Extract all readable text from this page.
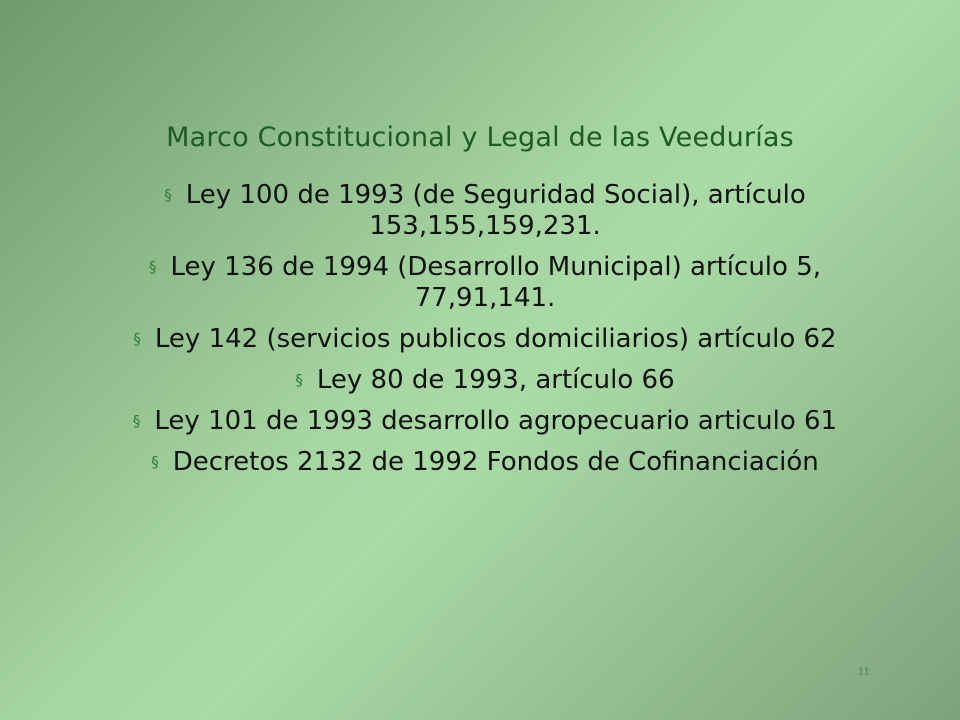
Marco Constitucional y Legal de las Veedurías
§ Ley 100 de 1993 (de Seguridad Social), artículo 153,155,159,231.
§ Ley 136 de 1994 (Desarrollo Municipal) artículo 5, 77,91,141.
§ Ley 142 (servicios publicos domiciliarios) artículo 62
§ Ley 80 de 1993, artículo 66
§ Ley 101 de 1993 desarrollo agropecuario articulo 61
§ Decretos 2132 de 1992 Fondos de Cofinanciación
11
